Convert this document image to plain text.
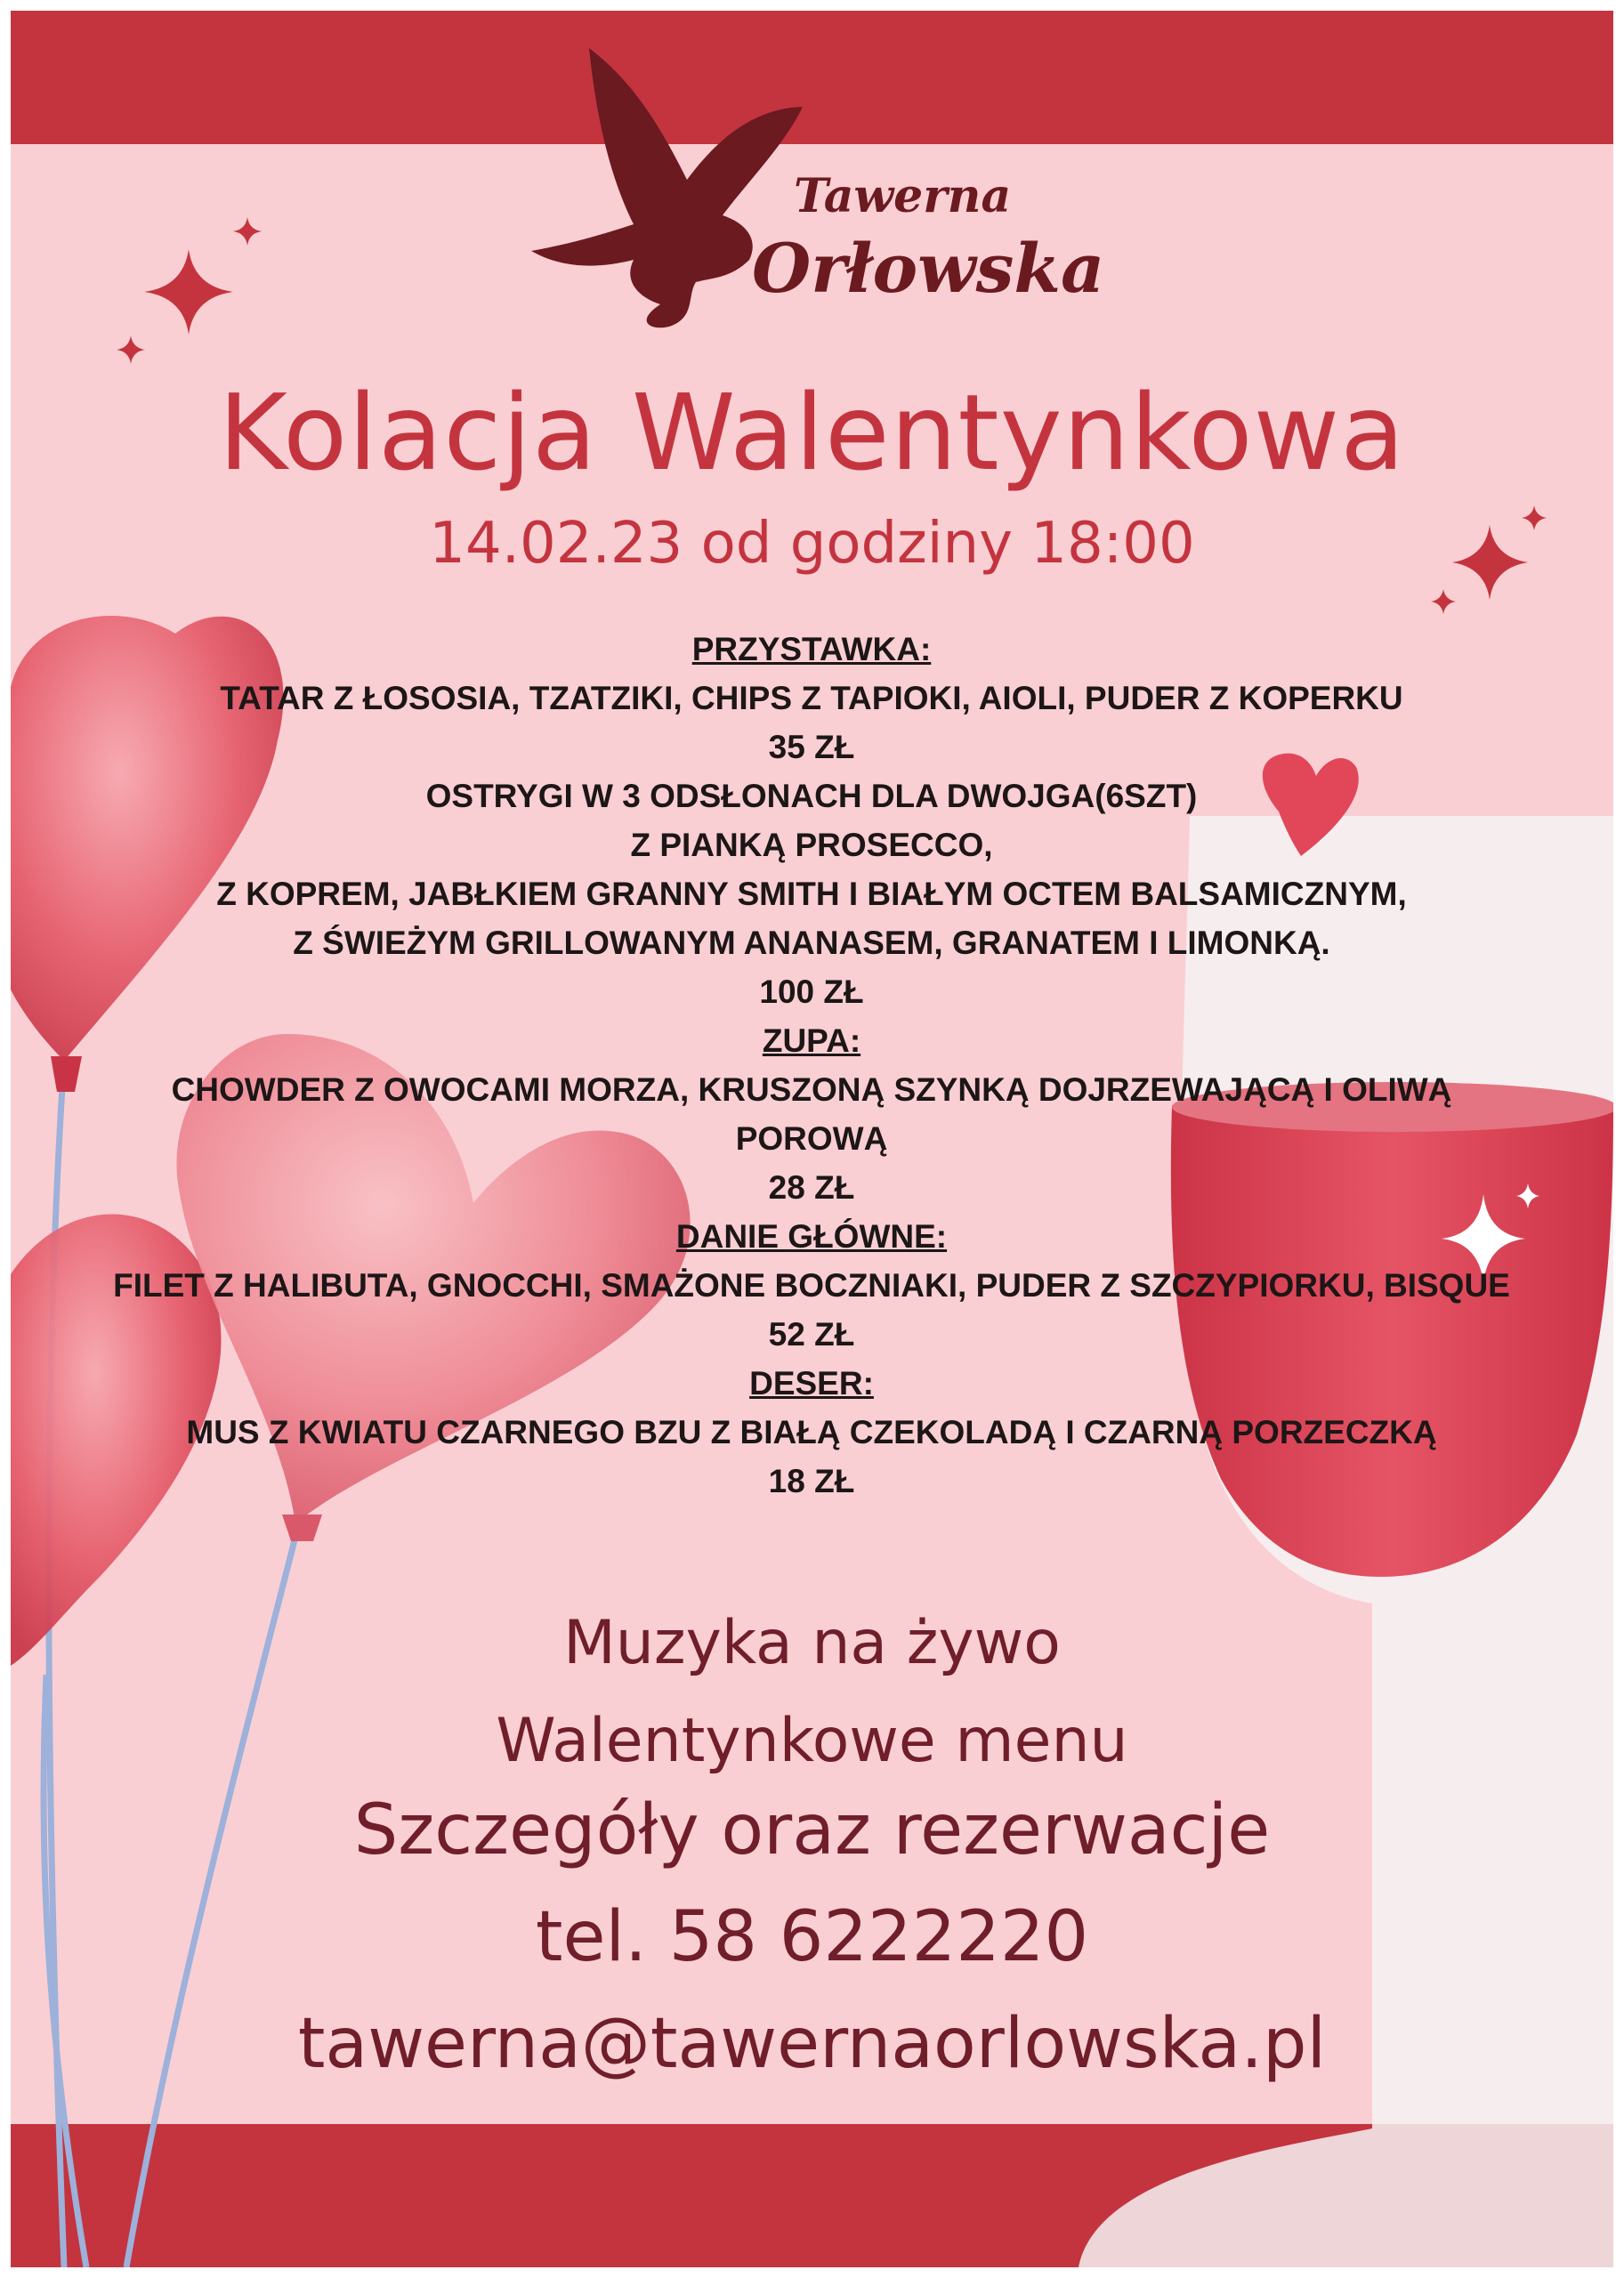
Tawerna
Orłowska
Kolacja Walentynkowa
14.02.23 od godziny 18:00
PRZYSTAWKA:
TATAR Z ŁOSOSIA, TZATZIKI, CHIPS Z TAPIOKI, AIOLI, PUDER Z KOPERKU
35 ZŁ
OSTRYGI W 3 ODSŁONACH DLA DWOJGA(6SZT)
Z PIANKĄ PROSECCO,
Z KOPREM, JABŁKIEM GRANNY SMITH I BIAŁYM OCTEM BALSAMICZNYM,
Z ŚWIEŻYM GRILLOWANYM ANANASEM, GRANATEM I LIMONKĄ.
100 ZŁ
ZUPA:
CHOWDER Z OWOCAMI MORZA, KRUSZONĄ SZYNKĄ DOJRZEWAJĄCĄ I OLIWĄ
POROWĄ
28 ZŁ
DANIE GŁÓWNE:
FILET Z HALIBUTA, GNOCCHI, SMAŻONE BOCZNIAKI, PUDER Z SZCZYPIORKU, BISQUE
52 ZŁ
DESER:
MUS Z KWIATU CZARNEGO BZU Z BIAŁĄ CZEKOLADĄ I CZARNĄ PORZECZKĄ
18 ZŁ
Muzyka na żywo
Walentynkowe menu
Szczegóły oraz rezerwacje
tel. 58 6222220
tawerna@tawernaorlowska.pl
